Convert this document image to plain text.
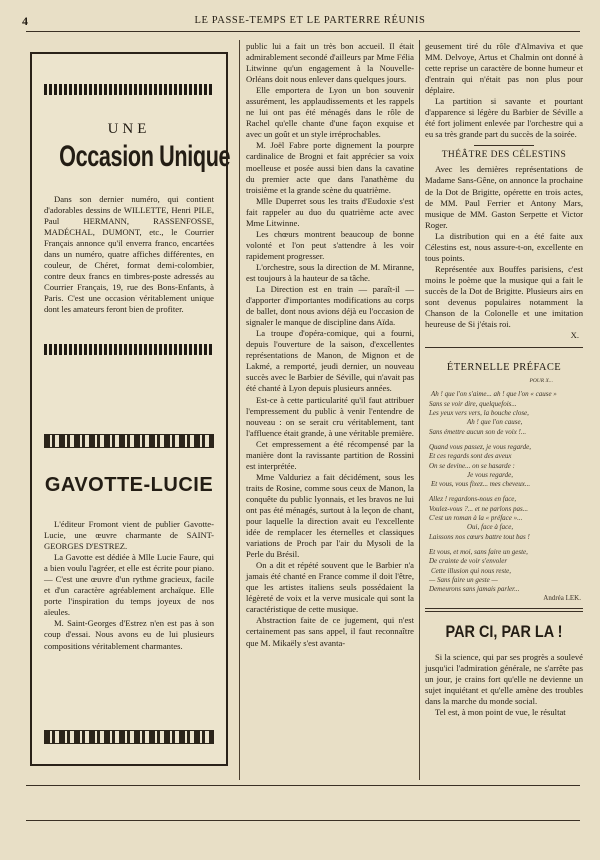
4	LE PASSE-TEMPS ET LE PARTERRE RÉUNIS
UNE
Occasion Unique

Dans son dernier numéro, qui contient d'adorables dessins de WILLETTE, Henri PILE, Paul HERMANN, RASSENFOSSE, MADÉCHAL, DUMONT, etc., le Courrier Français annonce qu'il enverra franco, encartées dans un numéro, quatre affiches différentes, en couleur, de Chéret, format demi-colombier, contre deux francs en timbres-poste adressés au Courrier Français, 19, rue des Bons-Enfants, à Paris. C'est une occasion véritablement unique dont les amateurs feront bien de profiter.

GAVOTTE-LUCIE

L'éditeur Fromont vient de publier Gavotte-Lucie, une œuvre charmante de SAINT-GEORGES D'ESTREZ.

La Gavotte est dédiée à Mlle Lucie Faure, qui a bien voulu l'agréer, et elle est écrite pour piano. — C'est une œuvre d'un rythme gracieux, facile et d'un caractère agréablement archaïque. Elle porte l'inspiration du temps joyeux de nos aïeules.

M. Saint-Georges d'Estrez n'en est pas à son coup d'essai. Nous avons eu de lui plusieurs compositions véritablement charmantes.

public lui a fait un très bon accueil. Il était admirablement secondé d'ailleurs par Mme Félia Litwinne qu'un engagement à la Nouvelle-Orléans doit nous enlever dans quelques jours.

Elle emportera de Lyon un bon souvenir assurément, les applaudissements et les rappels ne lui ont pas été ménagés dans le rôle de Rachel qu'elle chante d'une façon exquise et avec un goût et un style irréprochables.

M. Joël Fabre porte dignement la pourpre cardinalice de Brogni et fait apprécier sa voix moelleuse et posée aussi bien dans la cavatine du premier acte que dans l'anathème du troisième et la grande scène du quatrième.

Mlle Duperret sous les traits d'Eudoxie s'est fait rappeler au duo du quatrième acte avec Mme Litwinne.

Les chœurs montrent beaucoup de bonne volonté et l'on peut s'attendre à les voir rapidement progresser.

L'orchestre, sous la direction de M. Miranne, est toujours à la hauteur de sa tâche.

La Direction est en train — paraît-il — d'apporter d'importantes modifications au corps de ballet, dont nous avions déjà eu l'occasion de signaler le manque de discipline dans Aïda.

La troupe d'opéra-comique, qui a fourni, depuis l'ouverture de la saison, d'excellentes représentations de Manon, de Mignon et de Lakmé, a remporté, jeudi dernier, un nouveau succès avec le Barbier de Séville, qui n'avait pas été chanté à Lyon depuis plusieurs années.

Est-ce à cette particularité qu'il faut attribuer l'empressement du public à venir l'entendre de nouveau : on se serait cru véritablement, tant l'affluence était grande, à une véritable première.

Cet empressement a été récompensé par la manière dont la ravissante partition de Rossini est interprétée.

Mme Valduriez a fait décidément, sous les traits de Rosine, comme sous ceux de Manon, la conquête du public lyonnais, et les bravos ne lui ont pas été ménagés, surtout à la leçon de chant, pour laquelle la direction avait eu l'excellente idée de remplacer les éternelles et classiques variations de Proch par l'air du Mysoli de la Perle du Brésil.

On a dit et répété souvent que le Barbier n'a jamais été chanté en France comme il doit l'être, que les artistes italiens seuls possédaient la légèreté de voix et la verve musicale qui sont la caractéristique de cette musique.

Abstraction faite de ce jugement, qui n'est certainement pas sans appel, il faut reconnaître que M. Mikaëly s'est avanta-

geusement tiré du rôle d'Almaviva et que MM. Delvoye, Artus et Chalmin ont donné à cette reprise un caractère de bonne humeur et d'entrain qui n'était pas non plus pour déplaire.

La partition si savante et pourtant d'apparence si légère du Barbier de Séville a été fort joliment enlevée par l'orchestre qui a eu sa très grande part du succès de la soirée.

THÉÂTRE DES CÉLESTINS

Avec les dernières représentations de Madame Sans-Gêne, on annonce la prochaine de la Dot de Brigitte, opérette en trois actes, de MM. Paul Ferrier et Antony Mars, musique de MM. Gaston Serpette et Victor Roger.

La distribution qui en a été faite aux Célestins est, nous assure-t-on, excellente en tous points.

Représentée aux Bouffes parisiens, c'est moins le poème que la musique qui a fait le succès de la Dot de Brigitte. Plusieurs airs en sont devenus populaires notamment la Chanson de la Colonelle et une imitation heureuse de Si j'étais roi.

X.
ÉTERNELLE PRÉFACE
POUR X...
Ah ! que l'on s'aime... ah ! que l'on « cause »
Sans se voir dire, quelquefois...
Les yeux vers vers, la bouche close,
Ah ! que l'on cause,
Sans émettre aucun son de voix !...
Quand vous passez, je vous regarde,
Et ces regards sont des aveux
On se devine... on se hasarde :
Je vous regarde,
Et vous, vous fixez... mes cheveux...
Allez ! regardons-nous en face,
Voulez-vous ?... et ne parlons pas...
C'est un roman à la « préface »...
Oui, face à face,
Laissons nos cœurs battre tout bas !
Et vous, et moi, sans faire un geste,
De crainte de voir s'envoler
Cette illusion qui nous reste,
— Sans faire un geste —
Demeurons sans jamais parler...
Andréa LEK.
PAR CI, PAR LA !

Si la science, qui par ses progrès a soulevé jusqu'ici l'admiration générale, ne s'arrête pas un jour, je crains fort qu'elle ne devienne un sujet inquiétant et qu'elle amène des troubles dans la marche du monde social.

Tel est, à mon point de vue, le résultat
